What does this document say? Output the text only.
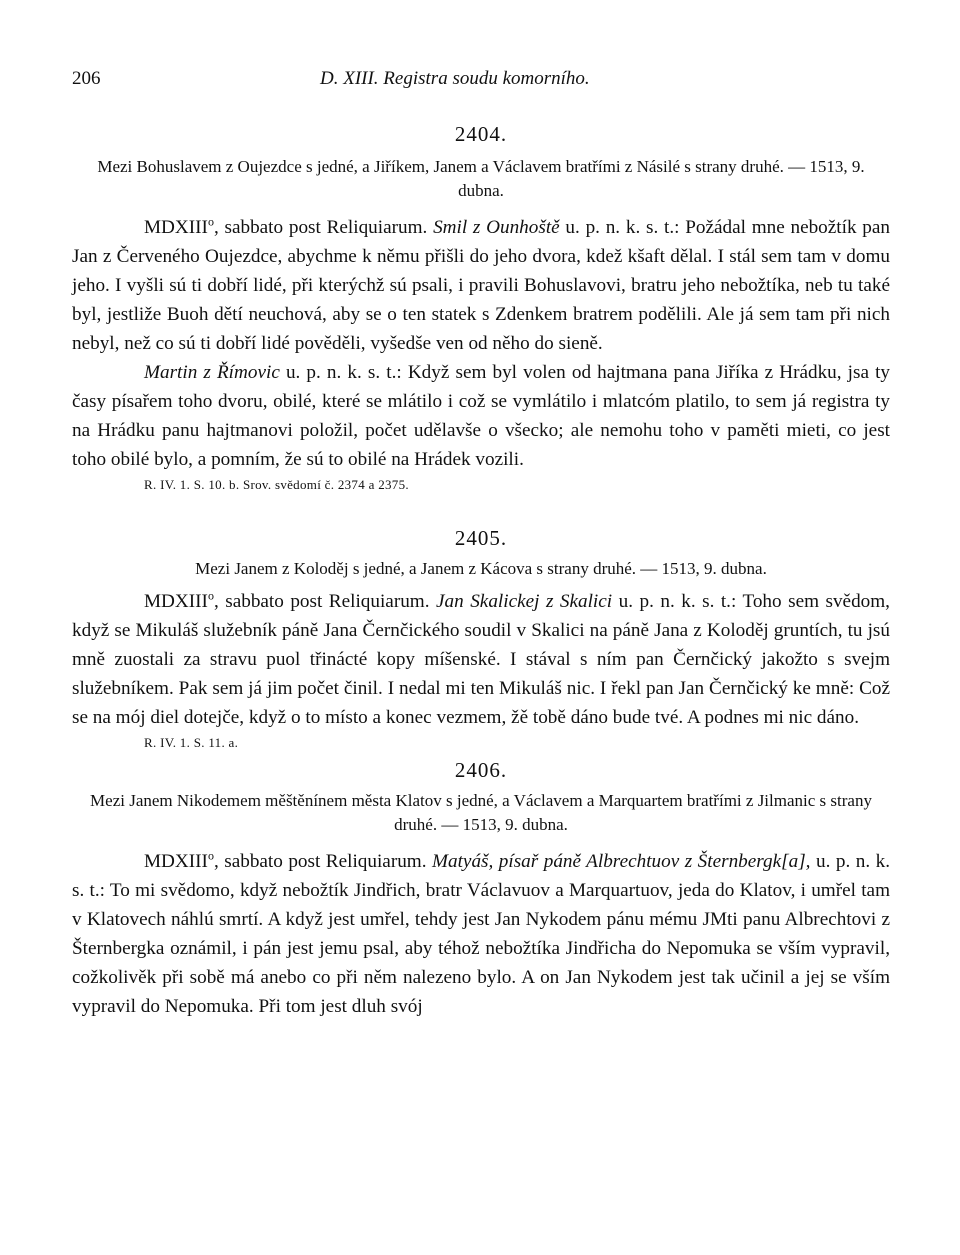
206	D. XIII. Registra soudu komorního.
2404.
Mezi Bohuslavem z Oujezdce s jedné, a Jiříkem, Janem a Václavem bratřími z Násilé s strany druhé. — 1513, 9. dubna.

MDXIII$^o$, sabbato post Reliquiarum. Smil z Ounhoště u. p. n. k. s. t.: Požádal mne nebožtík pan Jan z Červeného Oujezdce, abychme k němu přišli do jeho dvora, kdež kšaft dělal. I stál sem tam v domu jeho. I vyšli sú ti dobří lidé, při kterýchž sú psali, i pravili Bohuslavovi, bratru jeho nebožtíka, neb tu také byl, jestliže Buoh dětí neuchová, aby se o ten statek s Zdenkem bratrem podělili. Ale já sem tam při nich nebyl, než co sú ti dobří lidé pověděli, vyšedše ven od něho do sieně.

Martin z Římovic u. p. n. k. s. t.: Když sem byl volen od hajtmana pana Jiříka z Hrádku, jsa ty časy písařem toho dvoru, obilé, které se mlátilo i což se vymlátilo i mlatcóm platilo, to sem já registra ty na Hrádku panu hajtmanovi položil, počet udělavše o všecko; ale nemohu toho v paměti mieti, co jest toho obilé bylo, a pomním, že sú to obilé na Hrádek vozili.

R. IV. 1. S. 10. b. Srov. svědomí č. 2374 a 2375.
2405.
Mezi Janem z Koloděj s jedné, a Janem z Kácova s strany druhé. — 1513, 9. dubna.

MDXIII$^o$, sabbato post Reliquiarum. Jan Skalickej z Skalici u. p. n. k. s. t.: Toho sem svědom, když se Mikuláš služebník páně Jana Černčického soudil v Skalici na páně Jana z Koloděj gruntích, tu jsú mně zuostali za stravu puol třinácté kopy míšenské. I stával s ním pan Černčický jakožto s svejm služebníkem. Pak sem já jim počet činil. I nedal mi ten Mikuláš nic. I řekl pan Jan Černčický ke mně: Což se na mój diel dotejče, když o to místo a konec vezmem, žě tobě dáno bude tvé. A podnes mi nic dáno.

R. IV. 1. S. 11. a.
2406.
Mezi Janem Nikodemem měštěnínem města Klatov s jedné, a Václavem a Marquartem bratřími z Jilmanic s strany druhé. — 1513, 9. dubna.

MDXIII$^o$, sabbato post Reliquiarum. Matyáš, písař páně Albrechtuov z Šternbergk[a], u. p. n. k. s. t.: To mi svědomo, když nebožtík Jindřich, bratr Václavuov a Marquartuov, jeda do Klatov, i umřel tam v Klatovech náhlú smrtí. A když jest umřel, tehdy jest Jan Nykodem pánu mému JMti panu Albrechtovi z Šternbergka oznámil, i pán jest jemu psal, aby téhož nebožtíka Jindřicha do Nepomuka se vším vypravil, cožkolivěk při sobě má anebo co při něm nalezeno bylo. A on Jan Nykodem jest tak učinil a jej se vším vypravil do Nepomuka. Při tom jest dluh svój
